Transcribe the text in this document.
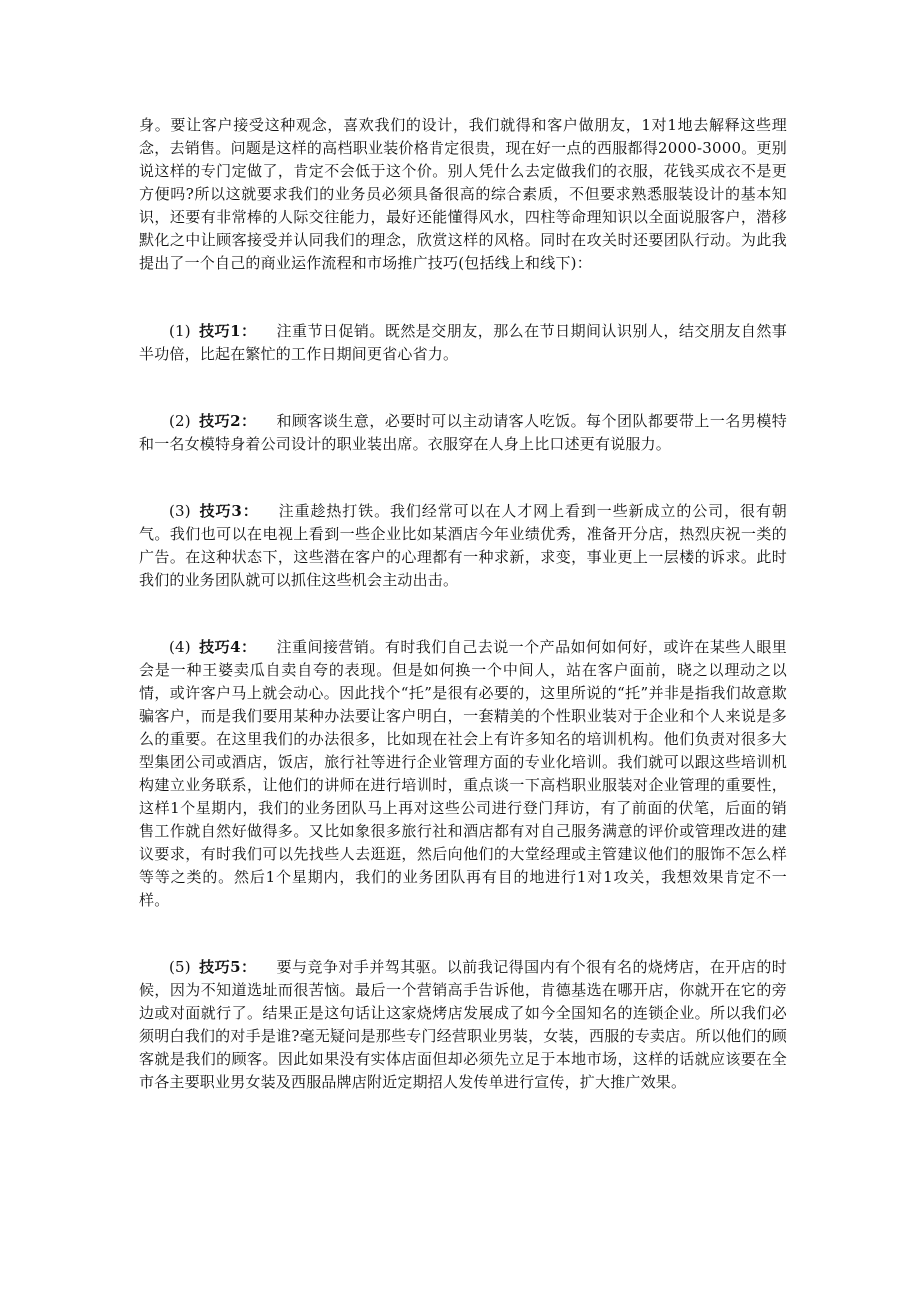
身。要让客户接受这种观念，喜欢我们的设计，我们就得和客户做朋友，1对1地去解释这些理念，去销售。问题是这样的高档职业装价格肯定很贵，现在好一点的西服都得2000-3000。更别说这样的专门定做了，肯定不会低于这个价。别人凭什么去定做我们的衣服，花钱买成衣不是更方便吗?所以这就要求我们的业务员必须具备很高的综合素质，不但要求熟悉服装设计的基本知识，还要有非常棒的人际交往能力，最好还能懂得风水，四柱等命理知识以全面说服客户，潜移默化之中让顾客接受并认同我们的理念，欣赏这样的风格。同时在攻关时还要团队行动。为此我提出了一个自己的商业运作流程和市场推广技巧(包括线上和线下)：

(1) 技巧1： 注重节日促销。既然是交朋友，那么在节日期间认识别人，结交朋友自然事半功倍，比起在繁忙的工作日期间更省心省力。

(2) 技巧2： 和顾客谈生意，必要时可以主动请客人吃饭。每个团队都要带上一名男模特和一名女模特身着公司设计的职业装出席。衣服穿在人身上比口述更有说服力。

(3) 技巧3： 注重趁热打铁。我们经常可以在人才网上看到一些新成立的公司，很有朝气。我们也可以在电视上看到一些企业比如某酒店今年业绩优秀，准备开分店，热烈庆祝一类的广告。在这种状态下，这些潜在客户的心理都有一种求新，求变，事业更上一层楼的诉求。此时我们的业务团队就可以抓住这些机会主动出击。

(4) 技巧4： 注重间接营销。有时我们自己去说一个产品如何如何好，或许在某些人眼里会是一种王婆卖瓜自卖自夸的表现。但是如何换一个中间人，站在客户面前，晓之以理动之以情，或许客户马上就会动心。因此找个“托”是很有必要的，这里所说的“托”并非是指我们故意欺骗客户，而是我们要用某种办法要让客户明白，一套精美的个性职业装对于企业和个人来说是多么的重要。在这里我们的办法很多，比如现在社会上有许多知名的培训机构。他们负责对很多大型集团公司或酒店，饭店，旅行社等进行企业管理方面的专业化培训。我们就可以跟这些培训机构建立业务联系，让他们的讲师在进行培训时，重点谈一下高档职业服装对企业管理的重要性，这样1个星期内，我们的业务团队马上再对这些公司进行登门拜访，有了前面的伏笔，后面的销售工作就自然好做得多。又比如象很多旅行社和酒店都有对自己服务满意的评价或管理改进的建议要求，有时我们可以先找些人去逛逛，然后向他们的大堂经理或主管建议他们的服饰不怎么样等等之类的。然后1个星期内，我们的业务团队再有目的地进行1对1攻关，我想效果肯定不一样。

(5) 技巧5： 要与竞争对手并驾其驱。以前我记得国内有个很有名的烧烤店，在开店的时候，因为不知道选址而很苦恼。最后一个营销高手告诉他，肯德基选在哪开店，你就开在它的旁边或对面就行了。结果正是这句话让这家烧烤店发展成了如今全国知名的连锁企业。所以我们必须明白我们的对手是谁?毫无疑问是那些专门经营职业男装，女装，西服的专卖店。所以他们的顾客就是我们的顾客。因此如果没有实体店面但却必须先立足于本地市场，这样的话就应该要在全市各主要职业男女装及西服品牌店附近定期招人发传单进行宣传，扩大推广效果。
